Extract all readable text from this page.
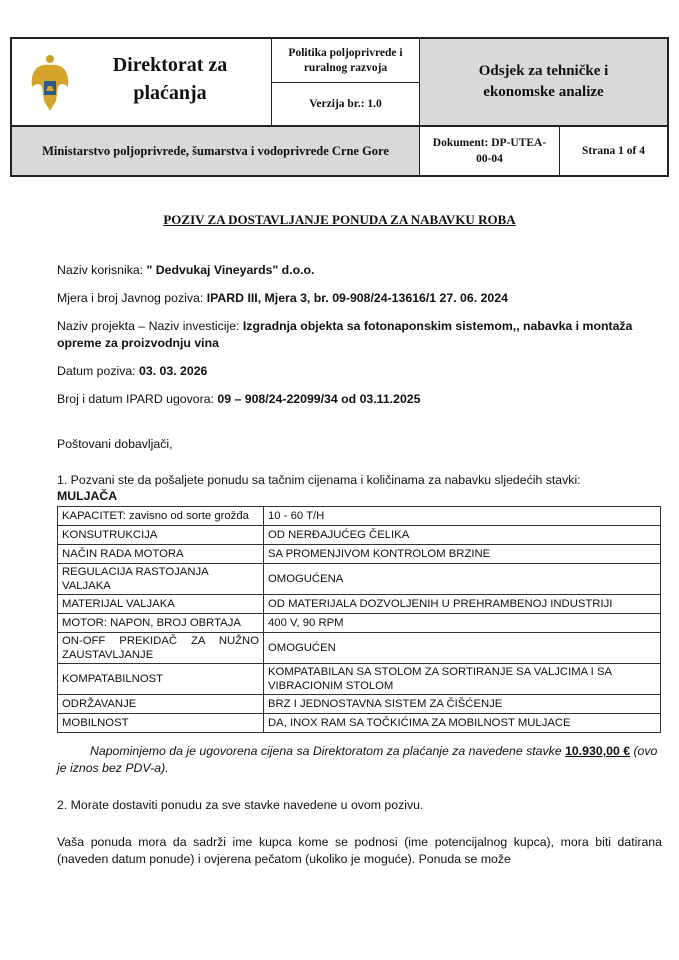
Direktorat za plaćanja
Politika poljoprivrede i ruralnog razvoja
Verzija br.: 1.0
Odsjek za tehničke i ekonomske analize
Ministarstvo poljoprivrede, šumarstva i vodoprivrede Crne Gore
Dokument: DP-UTEA-00-04
Strana 1 of 4
POZIV ZA DOSTAVLJANJE PONUDA ZA NABAVKU ROBA
Naziv korisnika: " Dedvukaj Vineyards" d.o.o.
Mjera i broj Javnog poziva: IPARD III, Mjera 3, br. 09-908/24-13616/1 27. 06. 2024
Naziv projekta – Naziv investicije: Izgradnja objekta sa fotonaponskim sistemom,, nabavka i montaža opreme za proizvodnju vina
Datum poziva: 03. 03. 2026
Broj i datum IPARD ugovora: 09 – 908/24-22099/34 od 03.11.2025
Poštovani dobavljači,
1. Pozvani ste da pošaljete ponudu sa tačnim cijenama i količinama za nabavku sljedećih stavki:
MULJAČA
KAPACITET: zavisno od sorte grožđa	10 - 60 T/H
KONSUTRUKCIJA	OD NERĐAJUĆEG ČELIKA
NAČIN RADA MOTORA	SA PROMENJIVOM KONTROLOM BRZINE
REGULACIJA RASTOJANJA VALJAKA	OMOGUĆENA
MATERIJAL VALJAKA	OD MATERIJALA DOZVOLJENIH U PREHRAMBENOJ INDUSTRIJI
MOTOR: NAPON, BROJ OBRTAJA	400 V, 90 RPM
ON-OFF PREKIDAČ ZA NUŽNO ZAUSTAVLJANJE	OMOGUĆEN
KOMPATABILNOST	KOMPATABILAN SA STOLOM ZA SORTIRANJE SA VALJCIMA I SA VIBRACIONIM STOLOM
ODRŽAVANJE	BRZ I JEDNOSTAVNA SISTEM ZA ČIŠĆENJE
MOBILNOST	DA, INOX RAM SA TOČKIĆIMA ZA MOBILNOST MULJACE
Napominjemo da je ugovorena cijena sa Direktoratom za plaćanje za navedene stavke 10.930,00 € (ovo je iznos bez PDV-a).
2. Morate dostaviti ponudu za sve stavke navedene u ovom pozivu.
Vaša ponuda mora da sadrži ime kupca kome se podnosi (ime potencijalnog kupca), mora biti datirana (naveden datum ponude) i ovjerena pečatom (ukoliko je moguće). Ponuda se može
